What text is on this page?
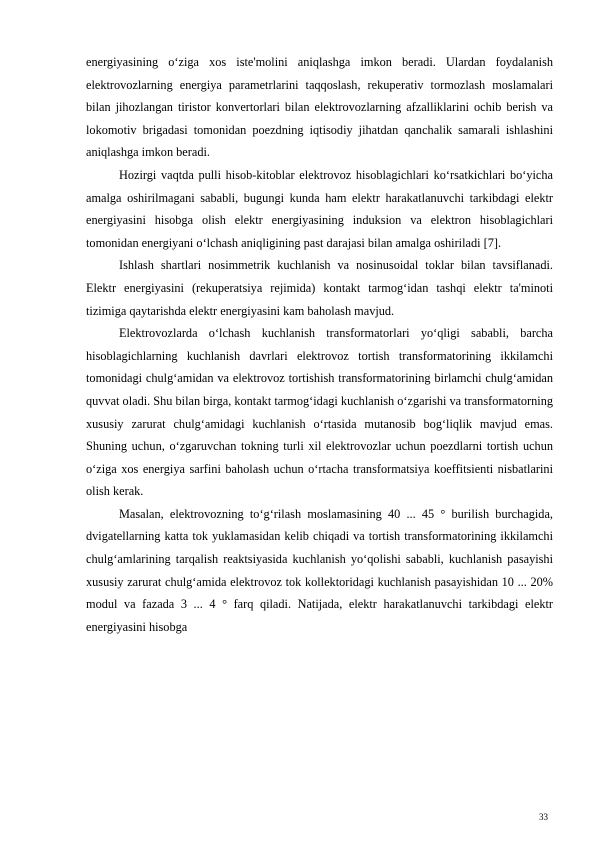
energiyasining o‘ziga xos iste'molini aniqlashga imkon beradi. Ulardan foydalanish elektrovozlarning energiya parametrlarini taqqoslash, rekuperativ tormozlash moslamalari bilan jihozlangan tiristor konvertorlari bilan elektrovozlarning afzalliklarini ochib berish va lokomotiv brigadasi tomonidan poezdning iqtisodiy jihatdan qanchalik samarali ishlashini aniqlashga imkon beradi.

Hozirgi vaqtda pulli hisob-kitoblar elektrovoz hisoblagichlari ko‘rsatkichlari bo‘yicha amalga oshirilmagani sababli, bugungi kunda ham elektr harakatlanuvchi tarkibdagi elektr energiyasini hisobga olish elektr energiyasining induksion va elektron hisoblagichlari tomonidan energiyani o‘lchash aniqligining past darajasi bilan amalga oshiriladi [7].

Ishlash shartlari nosimmetrik kuchlanish va nosinusoidal toklar bilan tavsiflanadi. Elektr energiyasini (rekuperatsiya rejimida) kontakt tarmog‘idan tashqi elektr ta'minoti tizimiga qaytarishda elektr energiyasini kam baholash mavjud.

Elektrovozlarda o‘lchash kuchlanish transformatorlari yo‘qligi sababli, barcha hisoblagichlarning kuchlanish davrlari elektrovoz tortish transformatorining ikkilamchi tomonidagi chulg‘amidan va elektrovoz tortishish transformatorining birlamchi chulg‘amidan quvvat oladi. Shu bilan birga, kontakt tarmog‘idagi kuchlanish o‘zgarishi va transformatorning xususiy zarurat chulg‘amidagi kuchlanish o‘rtasida mutanosib bog‘liqlik mavjud emas. Shuning uchun, o‘zgaruvchan tokning turli xil elektrovozlar uchun poezdlarni tortish uchun o‘ziga xos energiya sarfini baholash uchun o‘rtacha transformatsiya koeffitsienti nisbatlarini olish kerak.

Masalan, elektrovozning to‘g‘rilash moslamasining 40 ... 45 ° burilish burchagida, dvigatellarning katta tok yuklamasidan kelib chiqadi va tortish transformatorining ikkilamchi chulg‘amlarining tarqalish reaktsiyasida kuchlanish yo‘qolishi sababli, kuchlanish pasayishi xususiy zarurat chulg‘amida elektrovoz tok kollektoridagi kuchlanish pasayishidan 10 ... 20% modul va fazada 3 ... 4 ° farq qiladi. Natijada, elektr harakatlanuvchi tarkibdagi elektr energiyasini hisobga

33
